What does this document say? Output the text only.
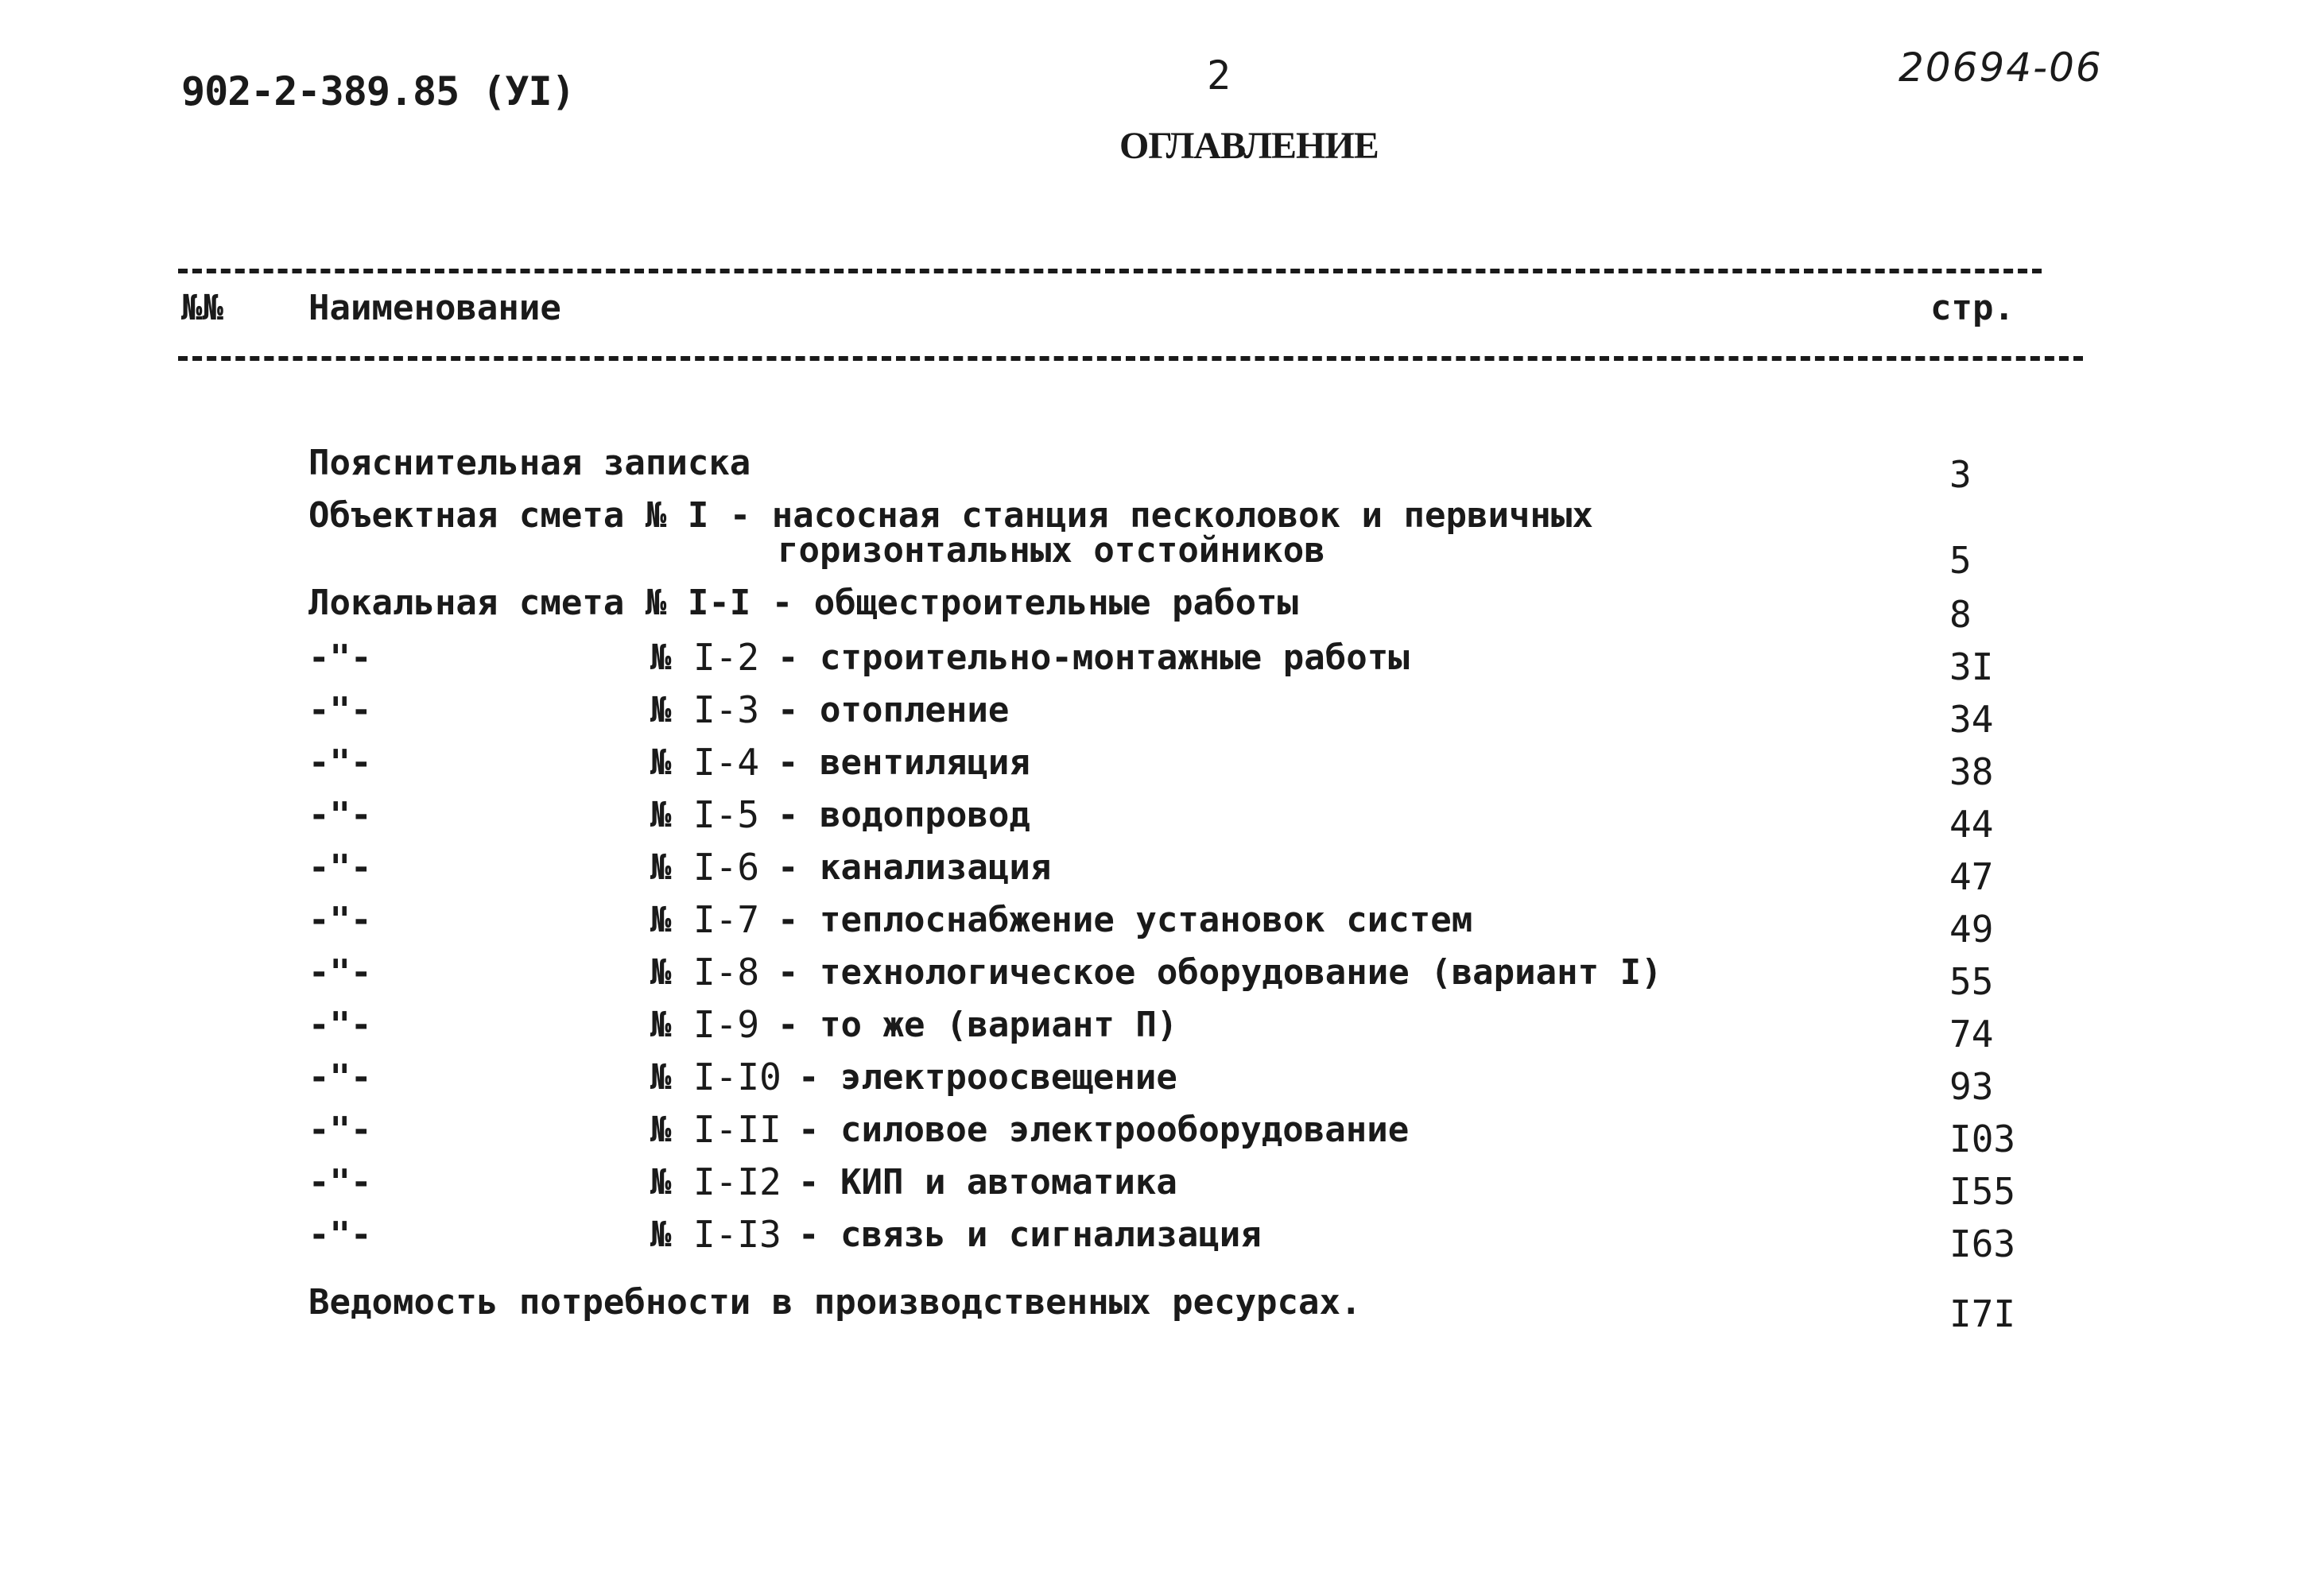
902-2-389.85 (УI)	2	20694-06
ОГЛАВЛЕНИЕ
№№ Наименование	стр.
Пояснительная записка	3
Объектная смета № I - насосная станция песколовок и первичных
горизонтальных отстойников	5
Локальная смета № I-I - общестроительные работы	8
-"-	№ I-2 - строительно-монтажные работы	3I
-"-	№ I-3 - отопление	34
-"-	№ I-4 - вентиляция	38
-"-	№ I-5 - водопровод	44
-"-	№ I-6 - канализация	47
-"-	№ I-7 - теплоснабжение установок систем	49
-"-	№ I-8 - технологическое оборудование (вариант I)	55
-"-	№ I-9 - то же (вариант П)	74
-"-	№ I-I0 - электроосвещение	93
-"-	№ I-II - силовое электрооборудование	I03
-"-	№ I-I2 - КИП и автоматика	I55
-"-	№ I-I3 - связь и сигнализация	I63
Ведомость потребности в производственных ресурсах.	I7I
